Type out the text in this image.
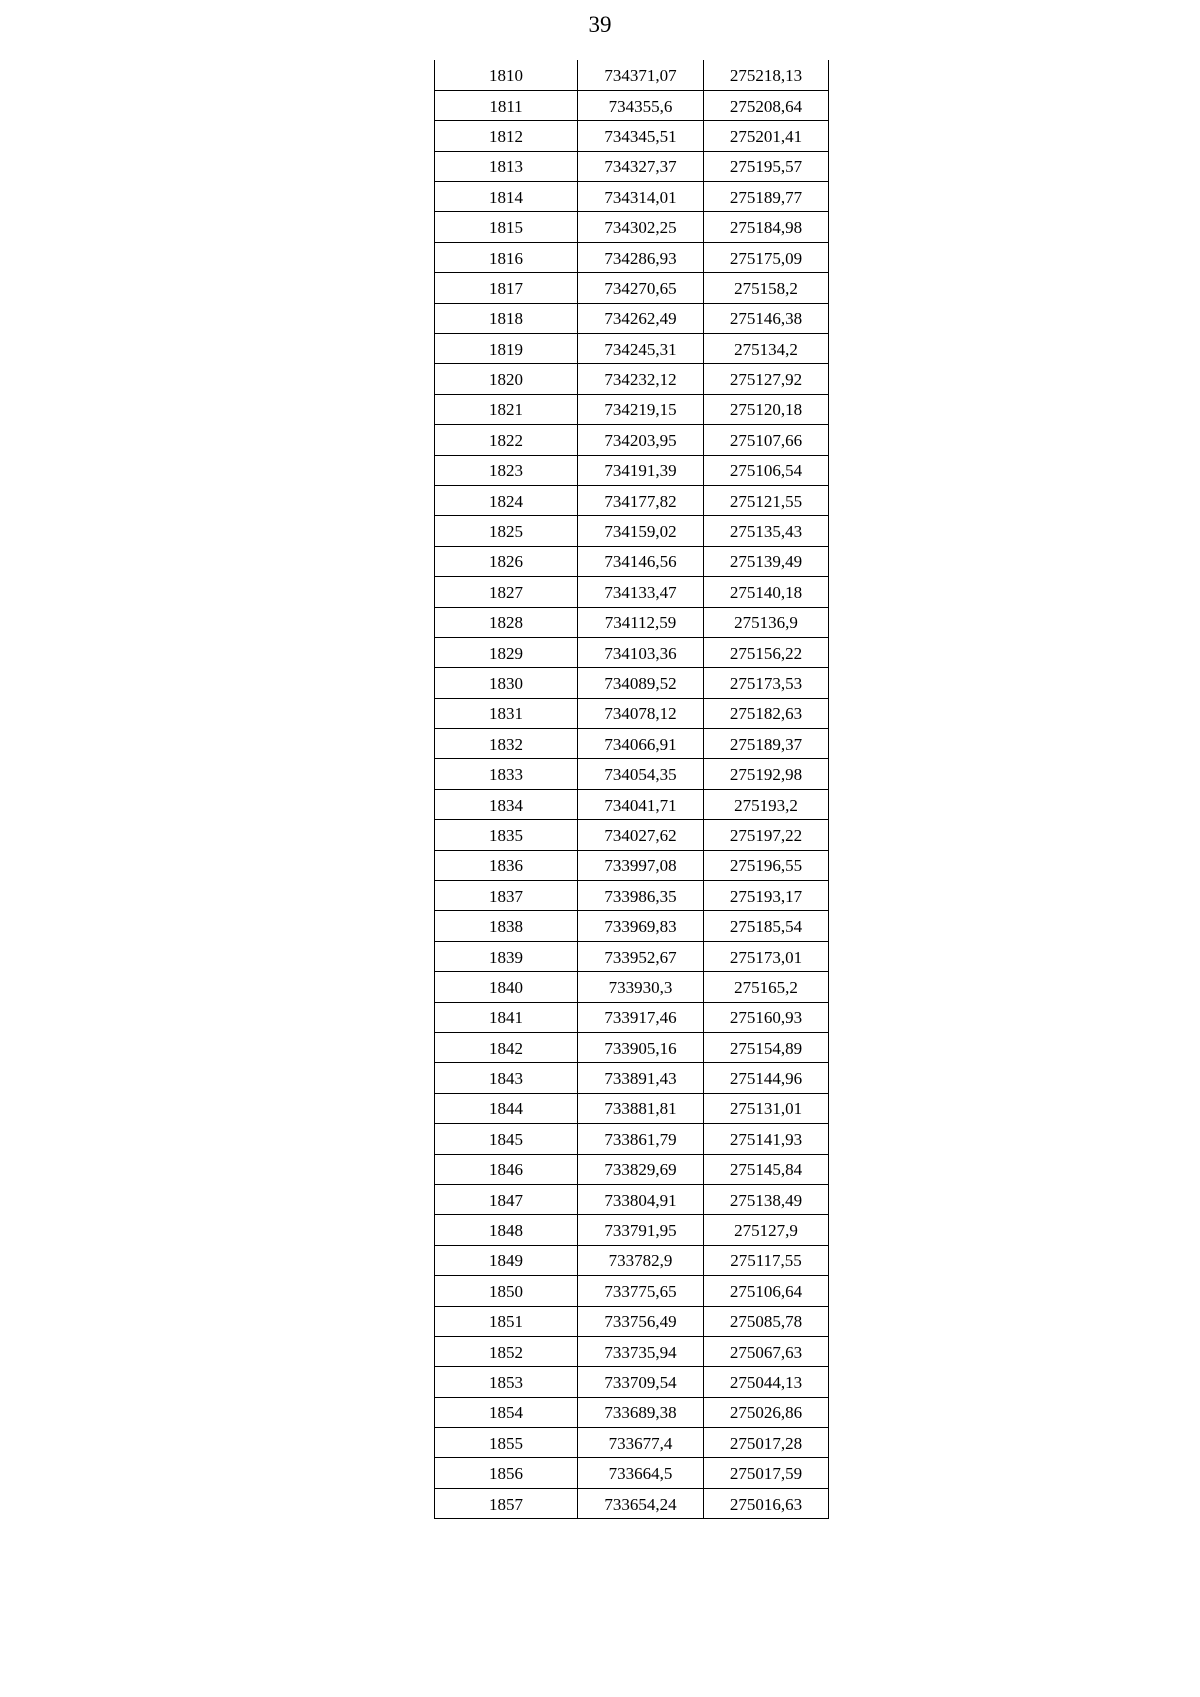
39
1810	734371,07	275218,13
1811	734355,6	275208,64
1812	734345,51	275201,41
1813	734327,37	275195,57
1814	734314,01	275189,77
1815	734302,25	275184,98
1816	734286,93	275175,09
1817	734270,65	275158,2
1818	734262,49	275146,38
1819	734245,31	275134,2
1820	734232,12	275127,92
1821	734219,15	275120,18
1822	734203,95	275107,66
1823	734191,39	275106,54
1824	734177,82	275121,55
1825	734159,02	275135,43
1826	734146,56	275139,49
1827	734133,47	275140,18
1828	734112,59	275136,9
1829	734103,36	275156,22
1830	734089,52	275173,53
1831	734078,12	275182,63
1832	734066,91	275189,37
1833	734054,35	275192,98
1834	734041,71	275193,2
1835	734027,62	275197,22
1836	733997,08	275196,55
1837	733986,35	275193,17
1838	733969,83	275185,54
1839	733952,67	275173,01
1840	733930,3	275165,2
1841	733917,46	275160,93
1842	733905,16	275154,89
1843	733891,43	275144,96
1844	733881,81	275131,01
1845	733861,79	275141,93
1846	733829,69	275145,84
1847	733804,91	275138,49
1848	733791,95	275127,9
1849	733782,9	275117,55
1850	733775,65	275106,64
1851	733756,49	275085,78
1852	733735,94	275067,63
1853	733709,54	275044,13
1854	733689,38	275026,86
1855	733677,4	275017,28
1856	733664,5	275017,59
1857	733654,24	275016,63
